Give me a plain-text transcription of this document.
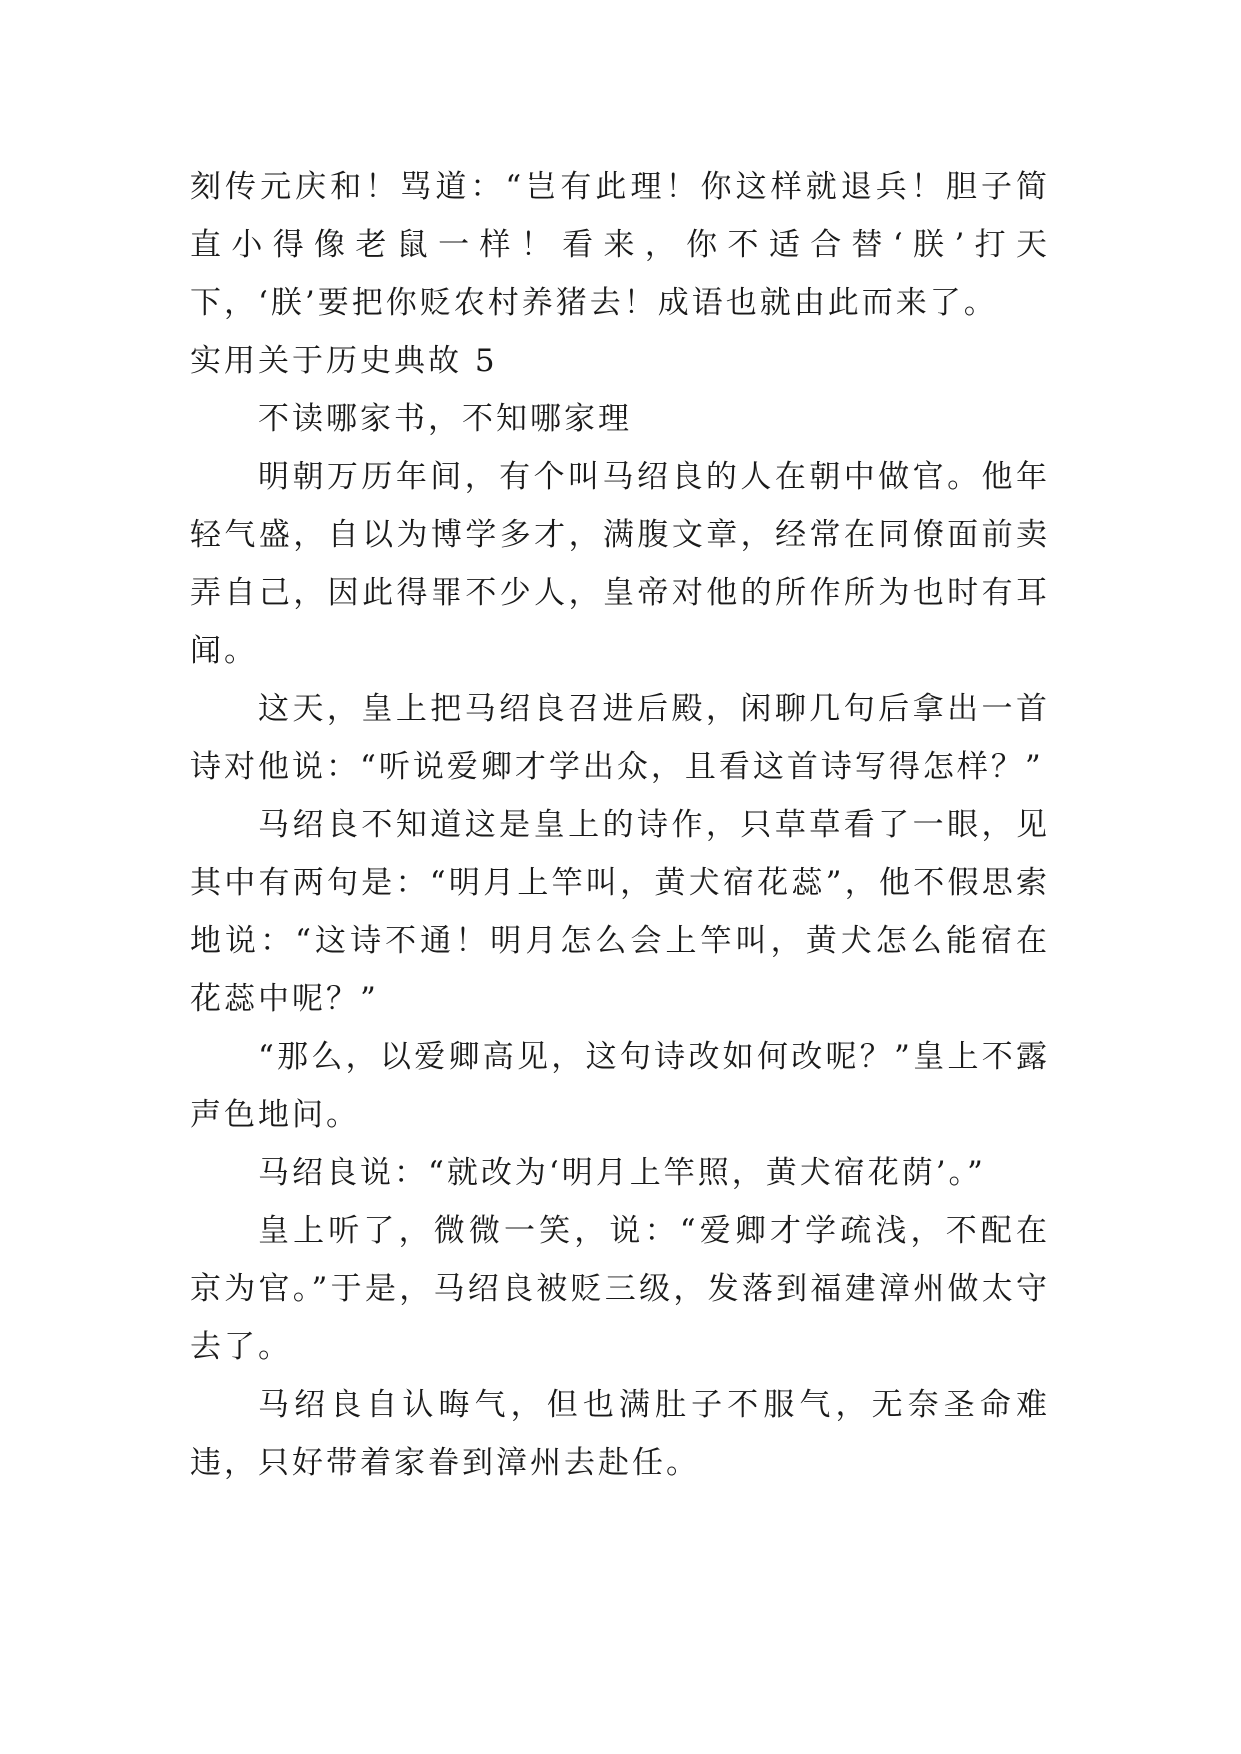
刻传元庆和！骂道：“岂有此理！你这样就退兵！胆子简直小得像老鼠一样！看来，你不适合替‘朕’打天下，‘朕’要把你贬农村养猪去！成语也就由此而来了。

实用关于历史典故 5

不读哪家书，不知哪家理

明朝万历年间，有个叫马绍良的人在朝中做官。他年轻气盛，自以为博学多才，满腹文章，经常在同僚面前卖弄自己，因此得罪不少人，皇帝对他的所作所为也时有耳闻。

这天，皇上把马绍良召进后殿，闲聊几句后拿出一首诗对他说：“听说爱卿才学出众，且看这首诗写得怎样？”

马绍良不知道这是皇上的诗作，只草草看了一眼，见其中有两句是：“明月上竿叫，黄犬宿花蕊”，他不假思索地说：“这诗不通！明月怎么会上竿叫，黄犬怎么能宿在花蕊中呢？”

“那么，以爱卿高见，这句诗改如何改呢？”皇上不露声色地问。

马绍良说：“就改为‘明月上竿照，黄犬宿花荫’。”

皇上听了，微微一笑，说：“爱卿才学疏浅，不配在京为官。”于是，马绍良被贬三级，发落到福建漳州做太守去了。

马绍良自认晦气，但也满肚子不服气，无奈圣命难违，只好带着家眷到漳州去赴任。
